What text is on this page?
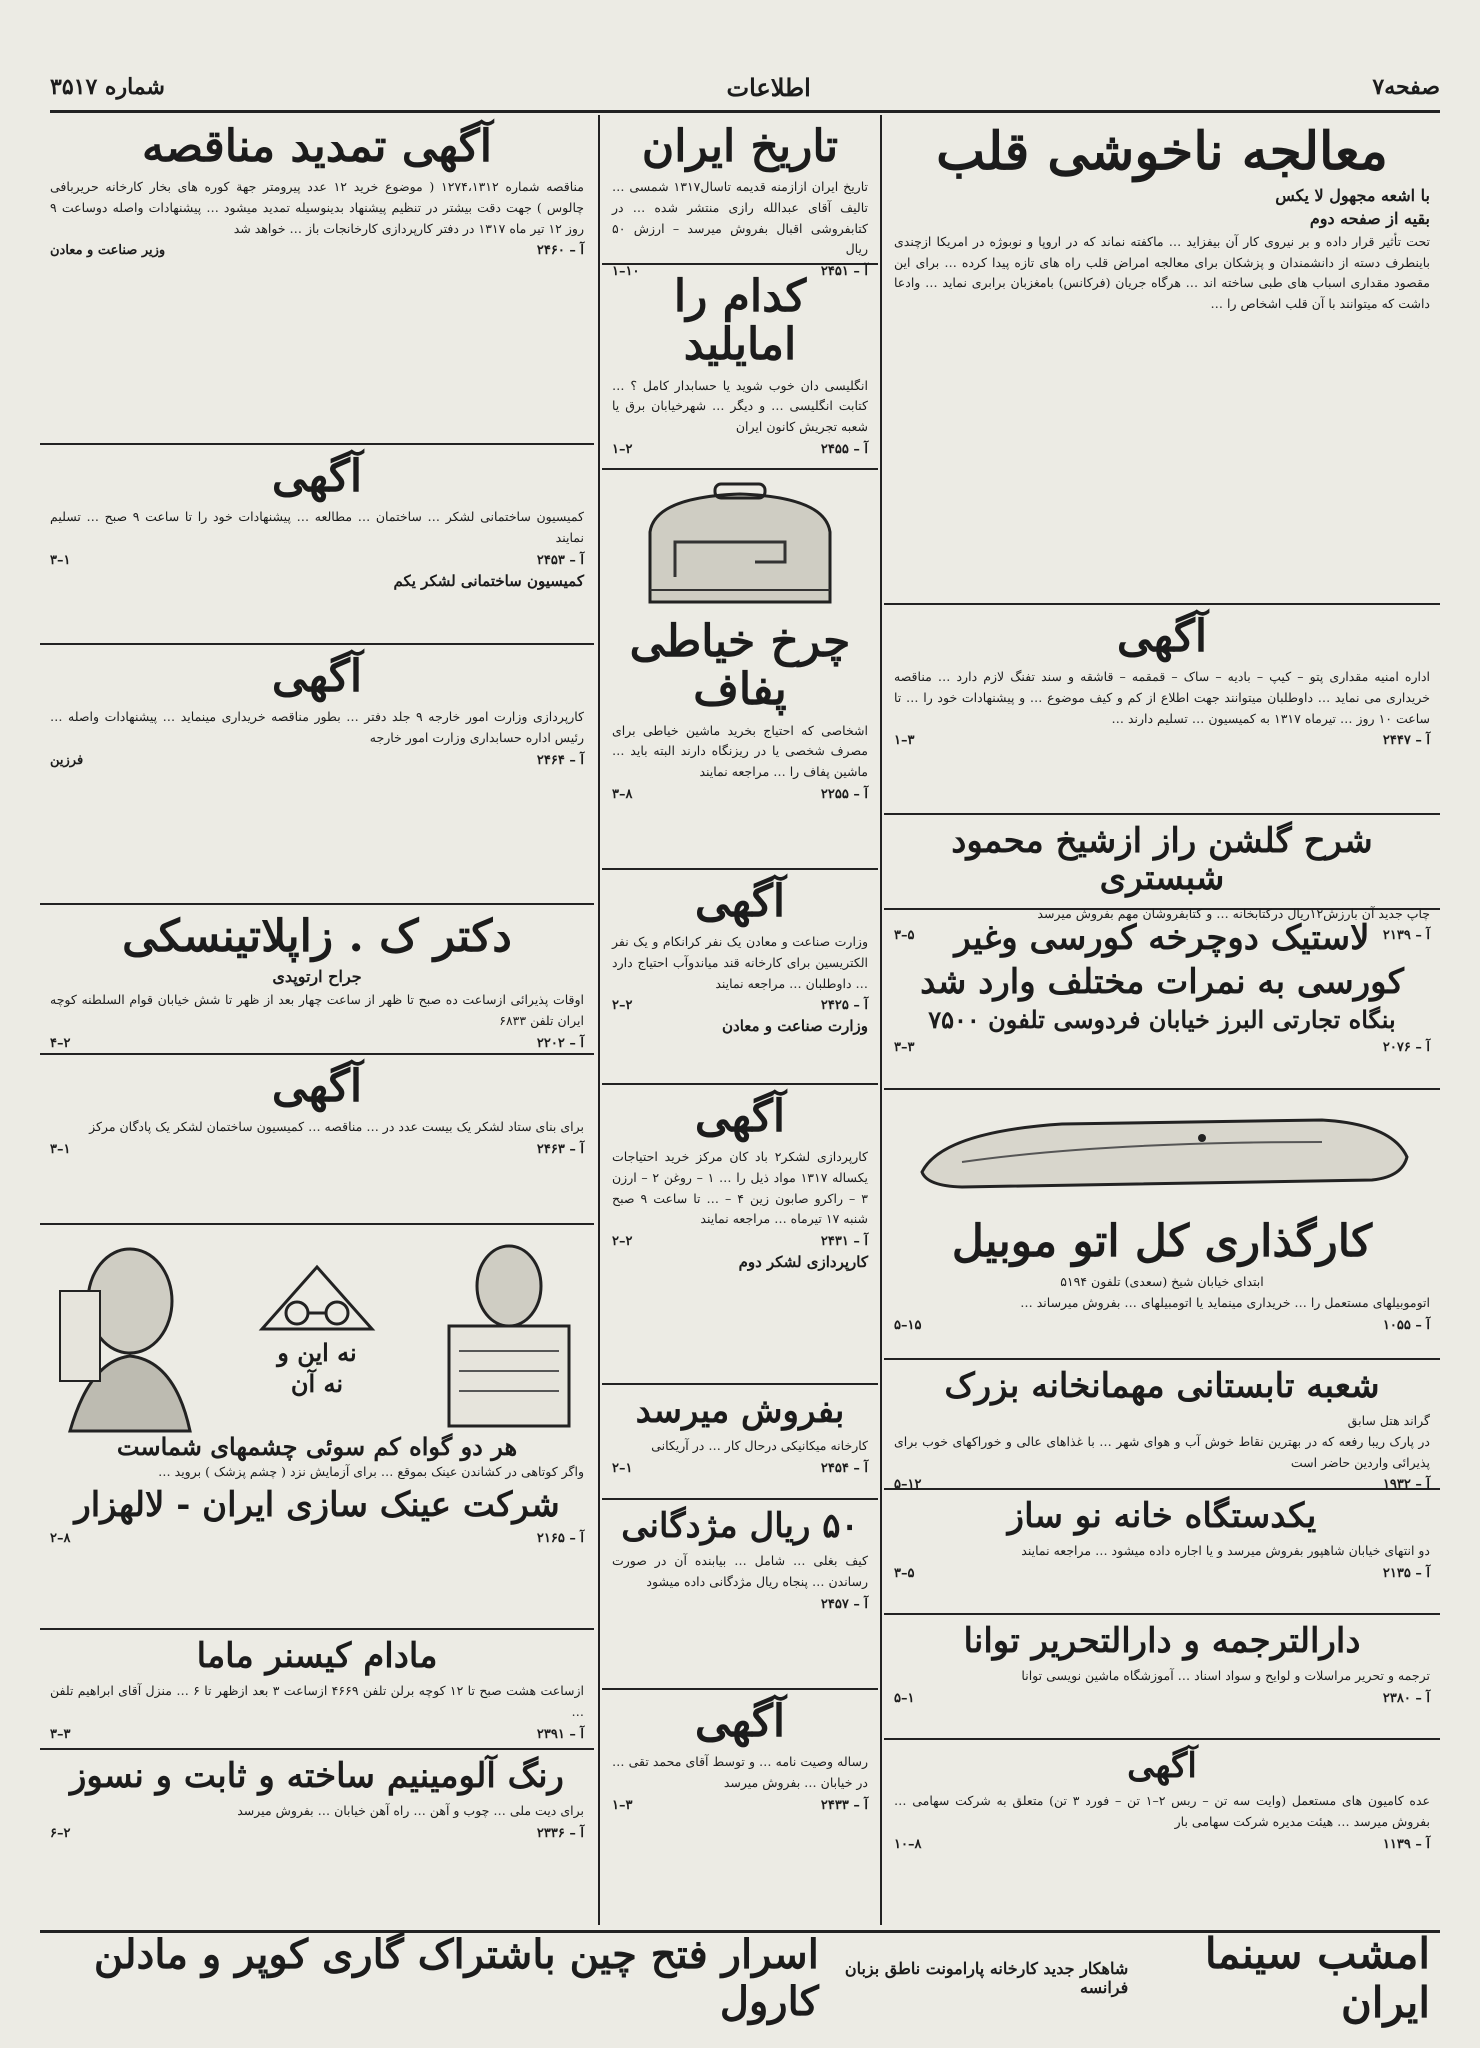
صفحه۷
اطلاعات
شماره ۳۵۱۷
معالجه ناخوشی قلب
با اشعه مجهول لا یکس
بقیه از صفحه دوم
تحت تأثیر قرار داده و بر نیروی کار آن بیفزاید … ماکفته نماند که در اروپا و نوبوژه در امریکا ازچندی باینطرف دسته از دانشمندان و پزشکان برای معالجه امراض قلب راه های تازه پیدا کرده … برای این مقصود مقداری اسباب های طبی ساخته اند … هرگاه جریان (فرکانس) بامغزبان برابری نماید … وادعا داشت که میتوانند با آن قلب اشخاص را …
آگهی
اداره امنیه مقداری پتو – کیپ – بادیه – ساک – قمقمه – قاشقه و سند تفنگ لازم دارد … مناقصه خریداری می نماید … داوطلبان میتوانند جهت اطلاع از کم و کیف موضوع … و پیشنهادات خود را … تا ساعت ۱۰ روز … تیرماه ۱۳۱۷ به کمیسیون … تسلیم دارند …
آ – ۲۴۴۷
۳–۱
شرح گلشن راز ازشیخ محمود شبستری
چاپ جدید آن بارزش۱۲ریال درکتابخانه … و کتابفروشان مهم بفروش میرسد
آ – ۲۱۳۹
۵–۳	لاستیک دوچرخه کورسی وغیر
کورسی به نمرات مختلف وارد شد
بنگاه تجارتی البرز خیابان فردوسی تلفون ۷۵۰۰
آ – ۲۰۷۶
۳–۳
کارگذاری کل اتو موبیل
ابتدای خیابان شیخ (سعدی) تلفون ۵۱۹۴
اتوموبیلهای مستعمل را … خریداری مینماید یا اتومبیلهای … بفروش میرساند …
آ – ۱۰۵۵
۱۵–۵
شعبه تابستانی مهمانخانه بزرک
گراند هتل سابق
در پارک ریبا رفعه که در بهترین نقاط خوش آب و هوای شهر … با غذاهای عالی و خوراکهای خوب برای پذیرائی واردین حاضر است
آ – ۱۹۳۲
۱۲–۵
یکدستگاه خانه نو ساز
دو انتهای خیابان شاهپور بفروش میرسد و یا اجاره داده میشود … مراجعه نمایند
آ – ۲۱۳۵
۵–۳
دارالترجمه و دارالتحریر توانا
ترجمه و تحریر مراسلات و لوایح و سواد اسناد … آموزشگاه ماشین نویسی توانا
آ – ۲۳۸۰
۱–۵
آگهی
عده کامیون های مستعمل (وایت سه تن – ربس ۲–۱ تن – فورد ۳ تن) متعلق به شرکت سهامی … بفروش میرسد … هیئت مدیره شرکت سهامی بار
آ – ۱۱۳۹
۸–۱۰
تاریخ ایران
تاریخ ایران ازازمنه قدیمه تاسال۱۳۱۷ شمسی … تالیف آقای عبدالله رازی منتشر شده … در کتابفروشی اقبال بفروش میرسد – ارزش ۵۰ ریال
آ – ۲۴۵۱
۱۰–۱ کدام را امایلید
انگلیسی دان خوب شوید یا حسابدار کامل ؟ … کتابت انگلیسی … و دیگر … شهرخیابان برق یا شعبه تجریش کانون ایران
آ – ۲۴۵۵
۲–۱
چرخ خیاطی پفاف
اشخاصی که احتیاج بخرید ماشین خیاطی برای مصرف شخصی یا در ریزنگاه دارند البته باید … ماشین پفاف را … مراجعه نمایند
آ – ۲۲۵۵
۸–۳
آگهی
وزارت صناعت و معادن یک نفر کرانکام و یک نفر الکتریسین برای کارخانه قند میاندوآب احتیاج دارد … داوطلبان … مراجعه نمایند
آ – ۲۴۲۵
۲–۲
وزارت صناعت و معادن
آگهی
کارپردازی لشکر۲ باد کان مرکز خرید احتیاجات یکساله ۱۳۱۷ مواد ذیل را … ۱ – روغن ۲ – ارزن ۳ – راکرو صابون زین ۴ – … تا ساعت ۹ صبح شنبه ۱۷ تیرماه … مراجعه نمایند
آ – ۲۴۳۱
۲–۲
کارپردازی لشکر دوم
بفروش میرسد
کارخانه میکانیکی درحال کار … در آریکانی
آ – ۲۴۵۴
۱–۲
۵۰ ریال مژدگانی
کیف بغلی … شامل … بیابنده آن در صورت رساندن … پنجاه ریال مژدگانی داده میشود
آ – ۲۴۵۷
آگهی
رساله وصیت نامه … و توسط آقای محمد تقی … در خیابان … بفروش میرسد
آ – ۲۴۳۳
۳–۱
آگهی تمدید مناقصه
مناقصه شماره ۱۲۷۴،۱۳۱۲ ( موضوع خرید ۱۲ عدد پیرومتر جهة کوره های بخار کارخانه حریربافی چالوس ) جهت دقت بیشتر در تنظیم پیشنهاد بدینوسیله تمدید میشود … پیشنهادات واصله دوساعت ۹ روز ۱۲ تیر ماه ۱۳۱۷ در دفتر کارپردازی کارخانجات باز … خواهد شد
آ – ۲۴۶۰
وزیر صناعت و معادن
آگهی
کمیسیون ساختمانی لشکر … ساختمان … مطالعه … پیشنهادات خود را تا ساعت ۹ صبح … تسلیم نمایند
آ – ۲۴۵۳
۱–۳
کمیسیون ساختمانی لشکر یکم
آگهی
کارپردازی وزارت امور خارجه ۹ جلد دفتر … بطور مناقصه خریداری مینماید … پیشنهادات واصله … رئیس اداره حسابداری وزارت امور خارجه
آ – ۲۴۶۴
فرزین
دکتر ک . زاپلاتینسکی
جراح ارتوپدی
اوقات پذیرائی ازساعت ده صبح تا ظهر از ساعت چهار بعد از ظهر تا شش خیابان قوام السلطنه کوچه ایران تلفن ۶۸۳۳
آ – ۲۲۰۲
۲–۴
آگهی
برای بنای ستاد لشکر یک بیست عدد در … مناقصه … کمیسیون ساختمان لشکر یک پادگان مرکز
آ – ۲۴۶۳
۱–۳
نه این و
نه آن
هر دو گواه کم سوئی چشمهای شماست
واگر کوتاهی در کشاندن عینک بموقع … برای آزمایش نزد ( چشم پزشک ) بروید …
شرکت عینک سازی ایران - لالهزار
آ – ۲۱۶۵
۸–۲
مادام کیسنر ماما
ازساعت هشت صبح تا ۱۲ کوچه برلن تلفن ۴۶۶۹ ازساعت ۳ بعد ازظهر تا ۶ … منزل آقای ابراهیم تلفن …
آ – ۲۳۹۱
۳–۳
رنگ آلومینیم ساخته و ثابت و نسوز
برای دیت ملی … چوب و آهن … راه آهن خیابان … بفروش میرسد
آ – ۲۳۳۶
۲–۶
امشب سینما ایران
شاهکار جدید کارخانه پارامونت ناطق بزبان فرانسه
اسرار فتح چین باشتراک گاری کوپر و مادلن کارول
